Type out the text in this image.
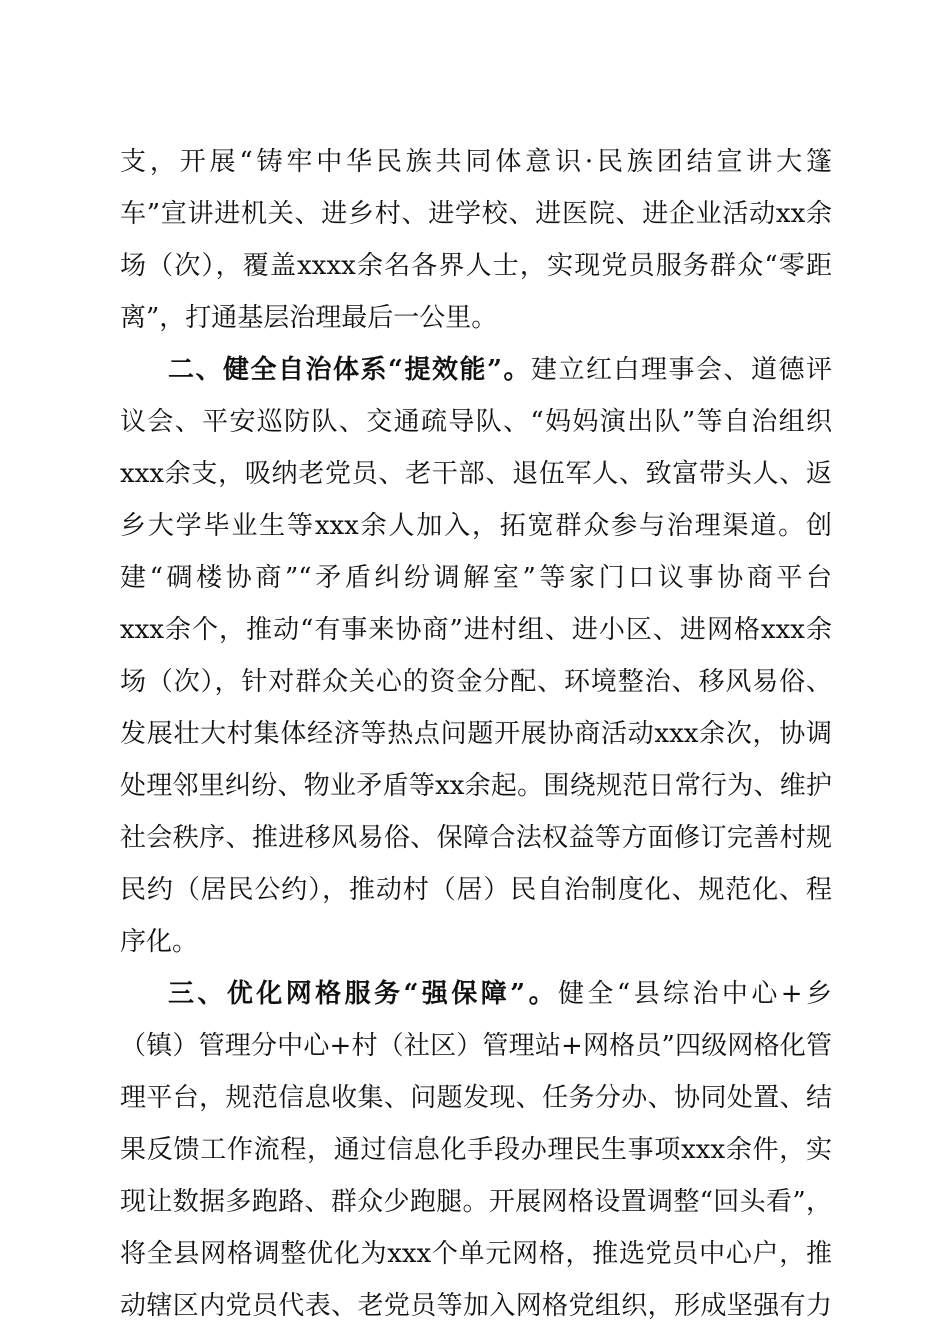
支，开展“铸牢中华民族共同体意识·民族团结宣讲大篷
车”宣讲进机关、进乡村、进学校、进医院、进企业活动xx余
场（次），覆盖xxxx余名各界人士，实现党员服务群众“零距
离”，打通基层治理最后一公里。
二、健全自治体系“提效能”。建立红白理事会、道德评
议会、平安巡防队、交通疏导队、“妈妈演出队”等自治组织
xxx余支，吸纳老党员、老干部、退伍军人、致富带头人、返
乡大学毕业生等xxx余人加入，拓宽群众参与治理渠道。创
建“碉楼协商”“矛盾纠纷调解室”等家门口议事协商平台
xxx余个，推动“有事来协商”进村组、进小区、进网格xxx余
场（次），针对群众关心的资金分配、环境整治、移风易俗、
发展壮大村集体经济等热点问题开展协商活动xxx余次，协调
处理邻里纠纷、物业矛盾等xx余起。围绕规范日常行为、维护
社会秩序、推进移风易俗、保障合法权益等方面修订完善村规
民约（居民公约），推动村（居）民自治制度化、规范化、程
序化。
三、优化网格服务“强保障”。健全“县综治中心+乡
（镇）管理分中心+村（社区）管理站+网格员”四级网格化管
理平台，规范信息收集、问题发现、任务分办、协同处置、结
果反馈工作流程，通过信息化手段办理民生事项xxx余件，实
现让数据多跑路、群众少跑腿。开展网格设置调整“回头看”，
将全县网格调整优化为xxx个单元网格，推选党员中心户，推
动辖区内党员代表、老党员等加入网格党组织，形成坚强有力
